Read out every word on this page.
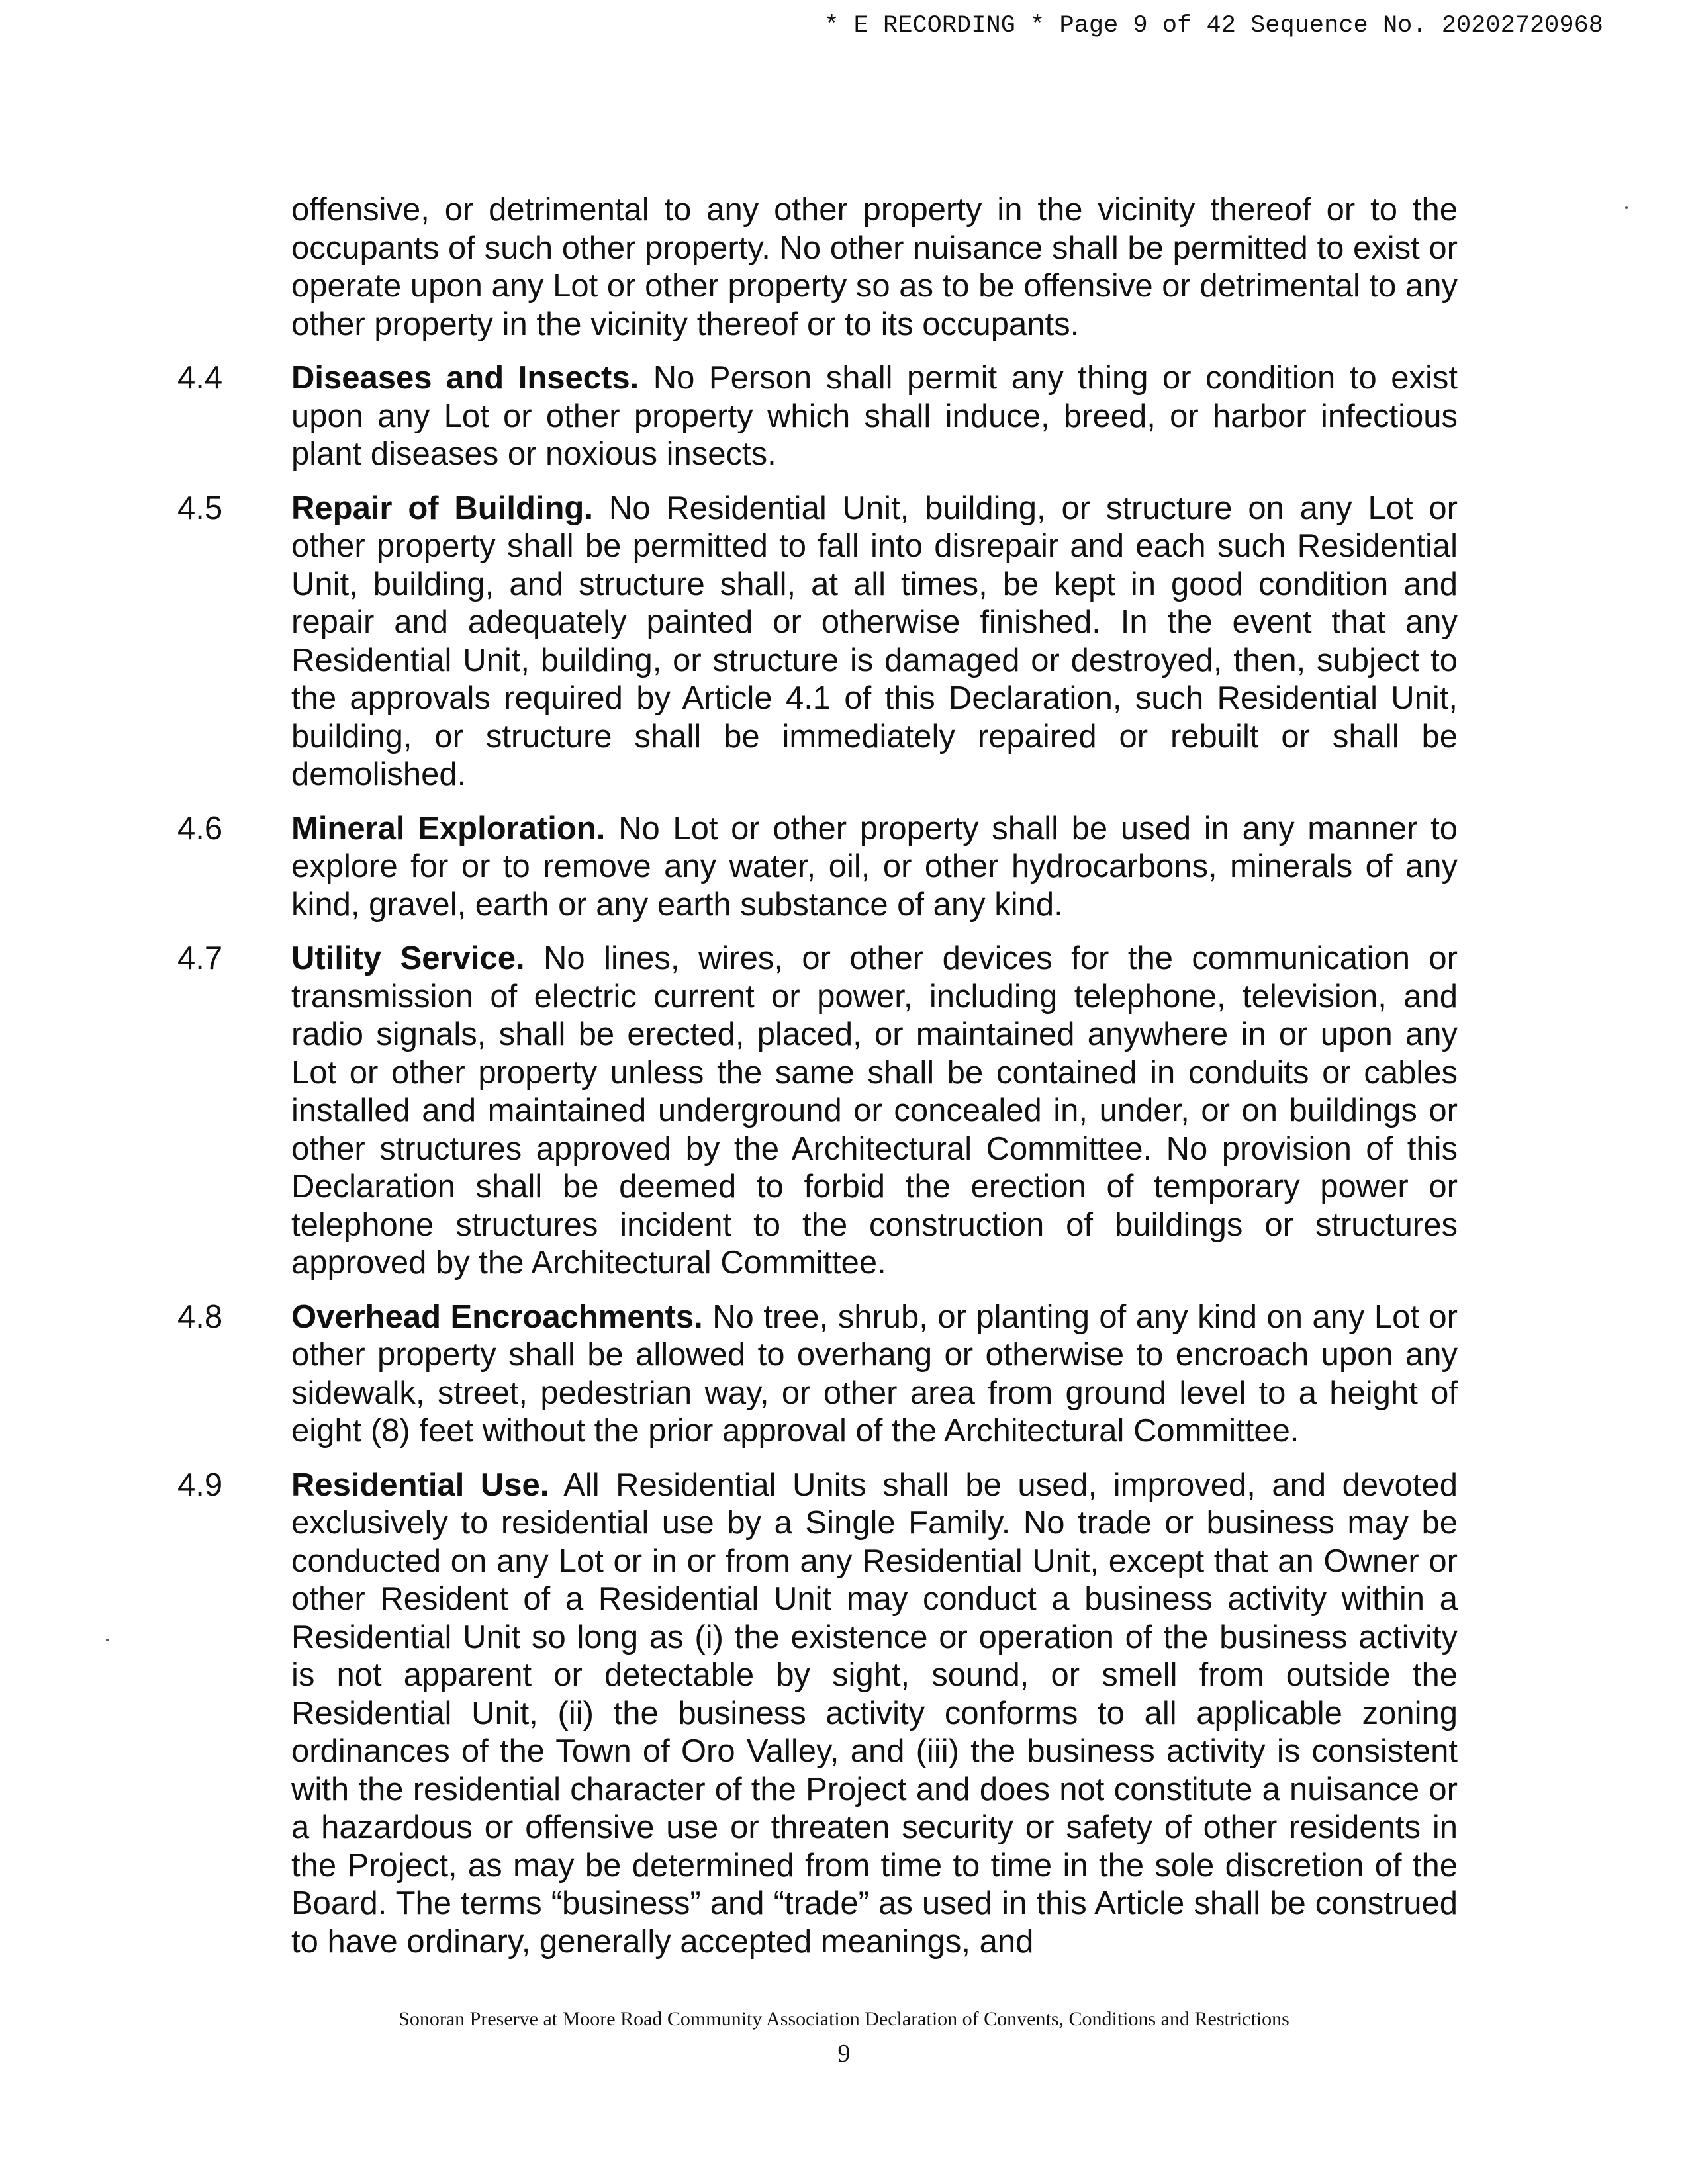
* E RECORDING * Page 9 of 42 Sequence No. 20202720968

offensive, or detrimental to any other property in the vicinity thereof or to the occupants of such other property. No other nuisance shall be permitted to exist or operate upon any Lot or other property so as to be offensive or detrimental to any other property in the vicinity thereof or to its occupants.

4.4 Diseases and Insects. No Person shall permit any thing or condition to exist upon any Lot or other property which shall induce, breed, or harbor infectious plant diseases or noxious insects.

4.5 Repair of Building. No Residential Unit, building, or structure on any Lot or other property shall be permitted to fall into disrepair and each such Residential Unit, building, and structure shall, at all times, be kept in good condition and repair and adequately painted or otherwise finished. In the event that any Residential Unit, building, or structure is damaged or destroyed, then, subject to the approvals required by Article 4.1 of this Declaration, such Residential Unit, building, or structure shall be immediately repaired or rebuilt or shall be demolished.

4.6 Mineral Exploration. No Lot or other property shall be used in any manner to explore for or to remove any water, oil, or other hydrocarbons, minerals of any kind, gravel, earth or any earth substance of any kind.

4.7 Utility Service. No lines, wires, or other devices for the communication or transmission of electric current or power, including telephone, television, and radio signals, shall be erected, placed, or maintained anywhere in or upon any Lot or other property unless the same shall be contained in conduits or cables installed and maintained underground or concealed in, under, or on buildings or other structures approved by the Architectural Committee. No provision of this Declaration shall be deemed to forbid the erection of temporary power or telephone structures incident to the construction of buildings or structures approved by the Architectural Committee.

4.8 Overhead Encroachments. No tree, shrub, or planting of any kind on any Lot or other property shall be allowed to overhang or otherwise to encroach upon any sidewalk, street, pedestrian way, or other area from ground level to a height of eight (8) feet without the prior approval of the Architectural Committee.

4.9 Residential Use. All Residential Units shall be used, improved, and devoted exclusively to residential use by a Single Family. No trade or business may be conducted on any Lot or in or from any Residential Unit, except that an Owner or other Resident of a Residential Unit may conduct a business activity within a Residential Unit so long as (i) the existence or operation of the business activity is not apparent or detectable by sight, sound, or smell from outside the Residential Unit, (ii) the business activity conforms to all applicable zoning ordinances of the Town of Oro Valley, and (iii) the business activity is consistent with the residential character of the Project and does not constitute a nuisance or a hazardous or offensive use or threaten security or safety of other residents in the Project, as may be determined from time to time in the sole discretion of the Board. The terms “business” and “trade” as used in this Article shall be construed to have ordinary, generally accepted meanings, and

Sonoran Preserve at Moore Road Community Association Declaration of Convents, Conditions and Restrictions
9
